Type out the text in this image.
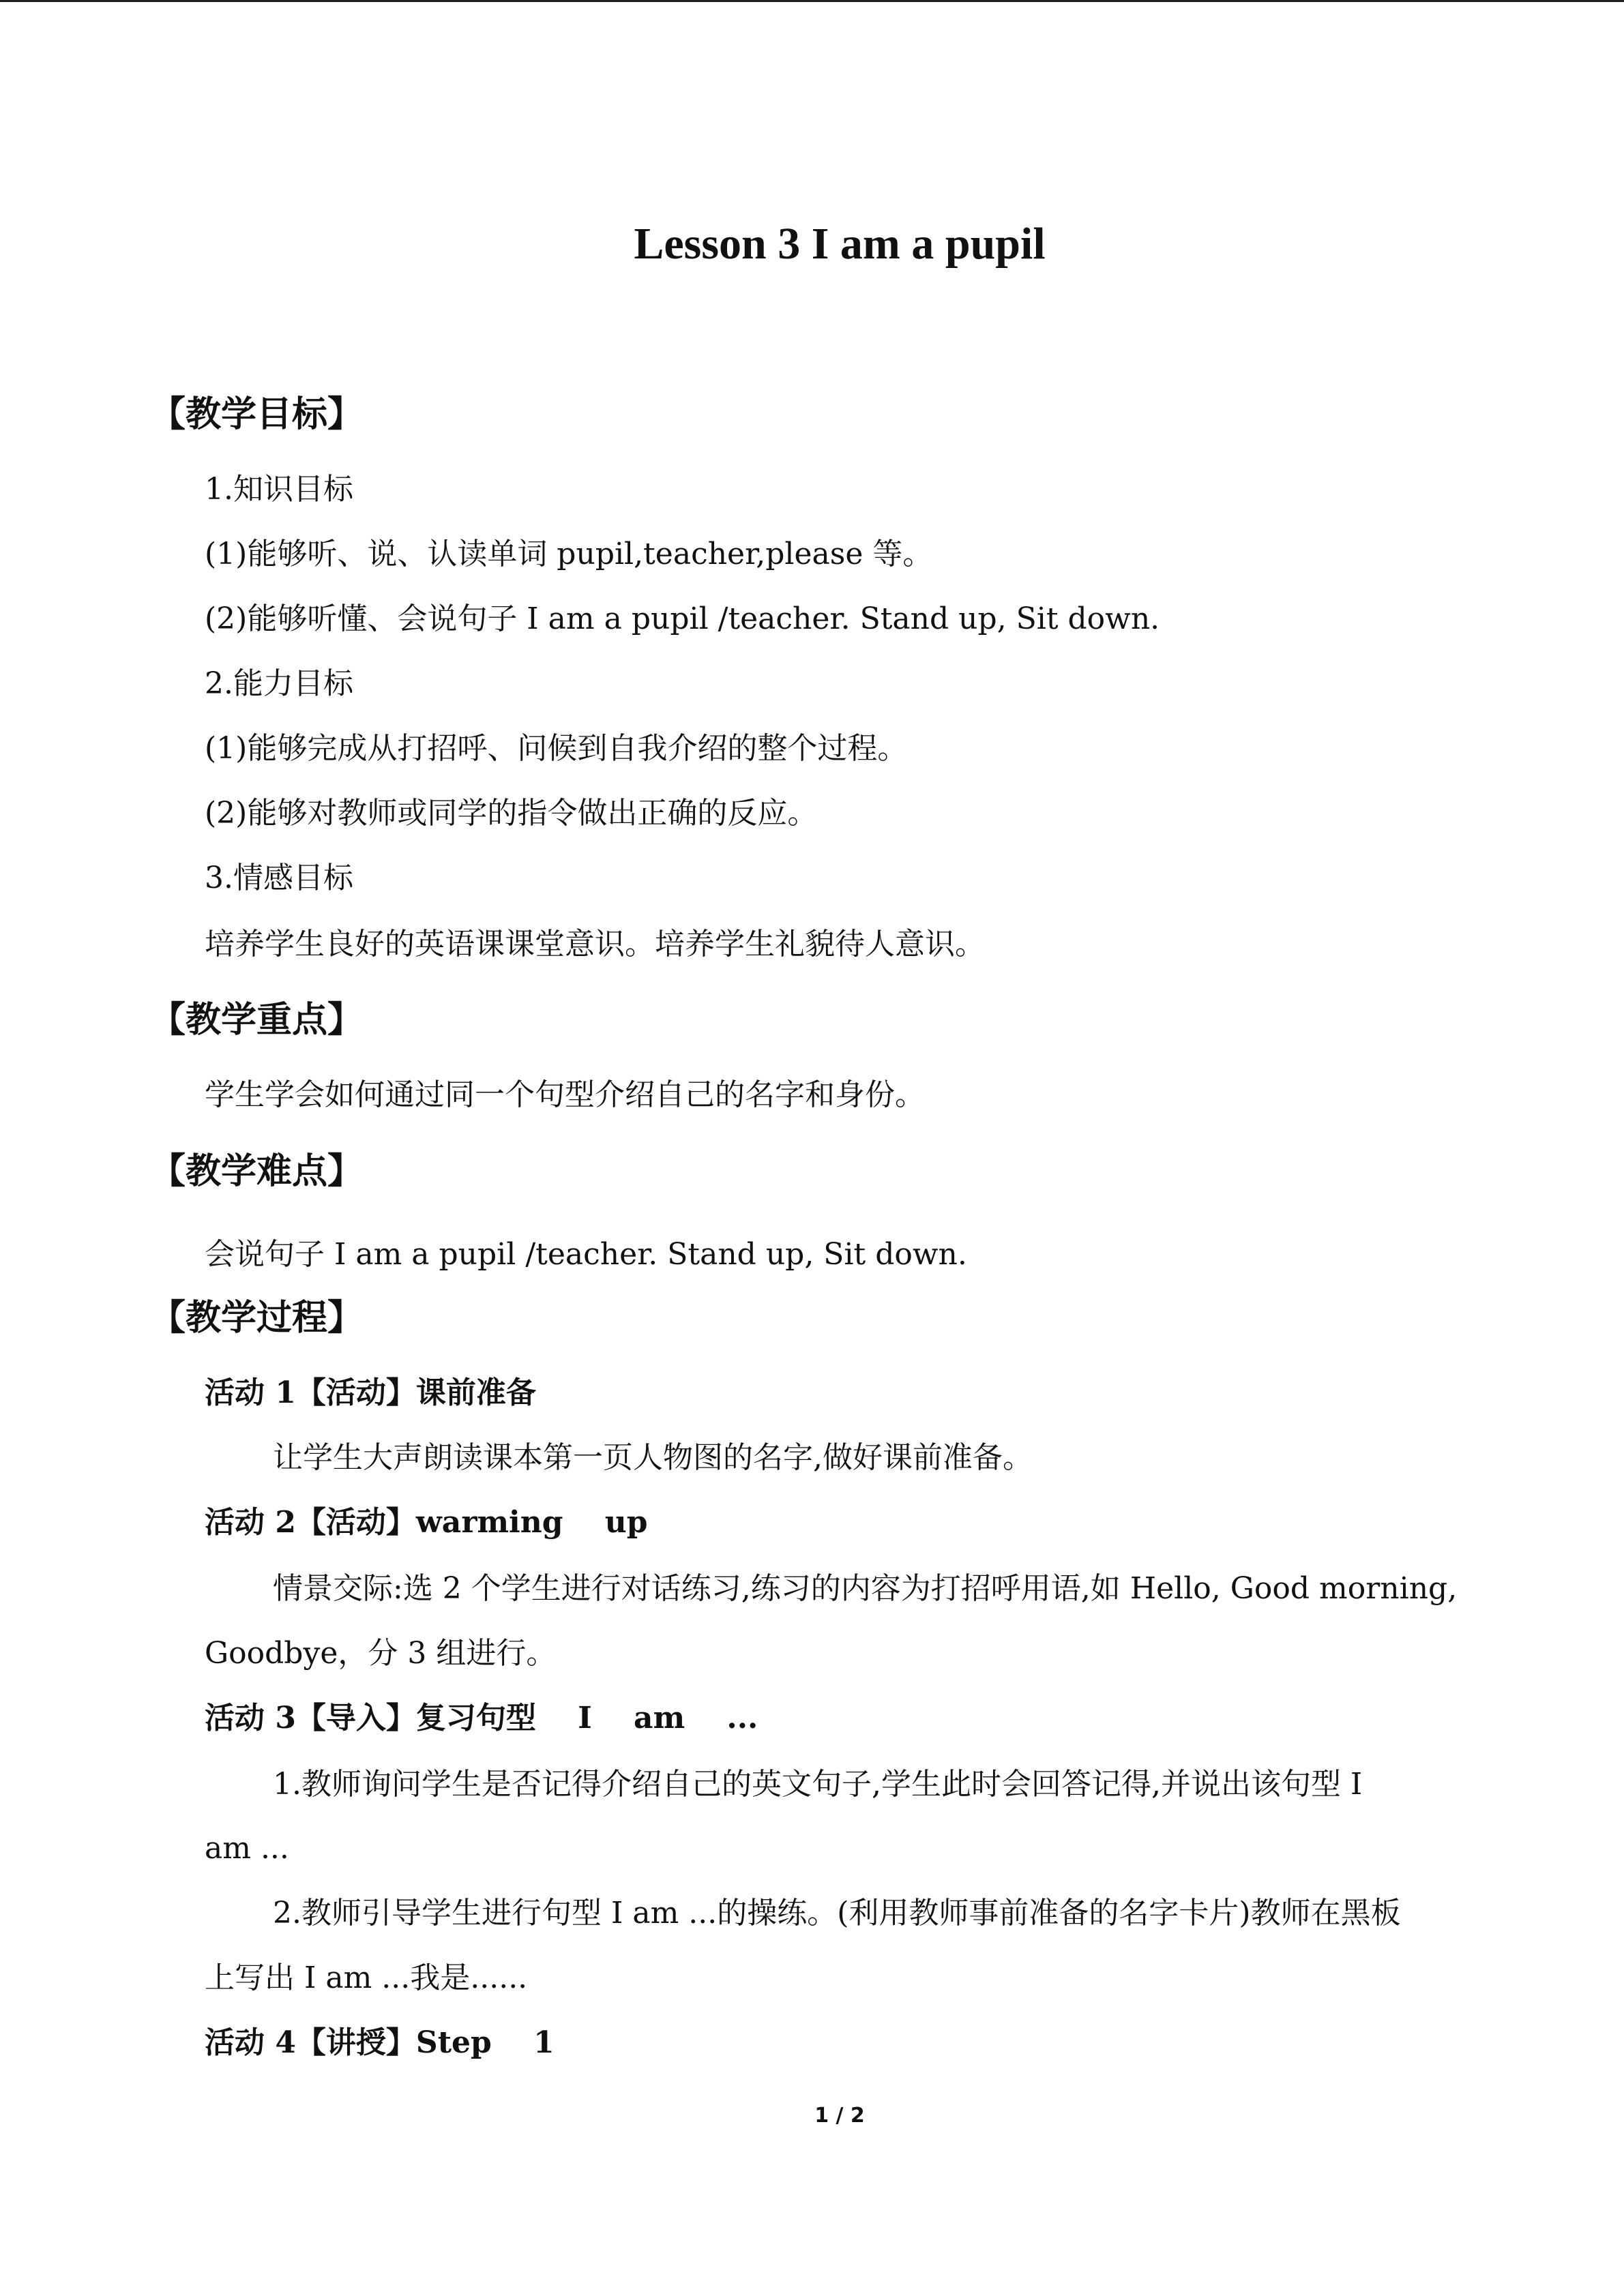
Lesson 3 I am a pupil
【教学目标】
1.知识目标
(1)能够听、说、认读单词 pupil,teacher,please 等。
(2)能够听懂、会说句子 I am a pupil /teacher. Stand up, Sit down.
2.能力目标
(1)能够完成从打招呼、问候到自我介绍的整个过程。
(2)能够对教师或同学的指令做出正确的反应。
3.情感目标
培养学生良好的英语课课堂意识。培养学生礼貌待人意识。
【教学重点】
学生学会如何通过同一个句型介绍自己的名字和身份。
【教学难点】
会说句子 I am a pupil /teacher. Stand up, Sit down.
【教学过程】
活动 1【活动】课前准备
让学生大声朗读课本第一页人物图的名字,做好课前准备。
活动 2【活动】warming    up
情景交际:选 2 个学生进行对话练习,练习的内容为打招呼用语,如 Hello, Good morning,
Goodbye，分 3 组进行。
活动 3【导入】复习句型    I    am    ...
1.教师询问学生是否记得介绍自己的英文句子,学生此时会回答记得,并说出该句型 I
am ...
2.教师引导学生进行句型 I am ...的操练。(利用教师事前准备的名字卡片)教师在黑板
上写出 I am ...我是......
活动 4【讲授】Step    1
1 / 2
